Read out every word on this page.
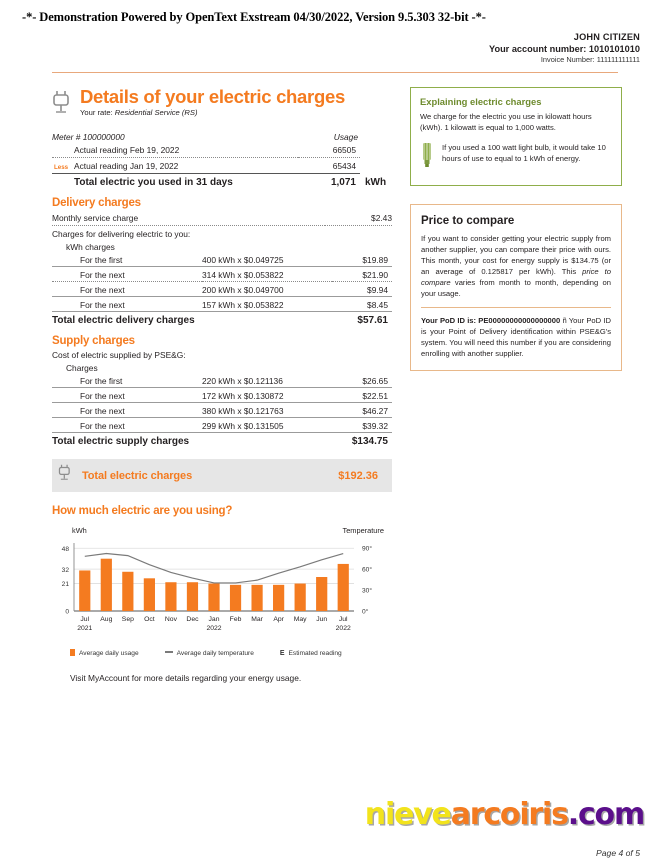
-*- Demonstration Powered by OpenText Exstream 04/30/2022, Version 9.5.303 32-bit -*-
JOHN CITIZEN
Your account number: 1010101010
Invoice Number: 111111111111
Details of your electric charges
Your rate: Residential Service (RS)
Meter # 100000000	Usage	
Actual reading Feb 19, 2022	66505	

Less Actual reading Jan 19, 2022	65434	
Total electric you used in 31 days	1,071	kWh
Delivery charges
Monthly service charge	$2.43
Charges for delivering electric to you:
kWh charges
For the first	400 kWh x $0.049725	$19.89
For the next	314 kWh x $0.053822	$21.90
For the next	200 kWh x $0.049700	$9.94
For the next	157 kWh x $0.053822	$8.45
Total electric delivery charges		$57.61
Supply charges
Cost of electric supplied by PSE&G:
Charges
For the first	220 kWh x $0.121136	$26.65
For the next	172 kWh x $0.130872	$22.51
For the next	380 kWh x $0.121763	$46.27
For the next	299 kWh x $0.131505	$39.32
Total electric supply charges		$134.75
Total electric charges	$192.36
How much electric are you using?
kWh	Temperature
48
32
21
0
90°
60°
30°
0°
Jul
2021
Aug Sep Oct Nov Dec Jan
2022
Feb Mar Apr May Jun Jul
2022
Average daily usage	Average daily temperature	E Estimated reading
Visit MyAccount for more details regarding your energy usage.
Explaining electric charges

We charge for the electric you use in kilowatt hours (kWh). 1 kilowatt is equal to 1,000 watts.

If you used a 100 watt light bulb, it would take 10 hours of use to equal to 1 kWh of energy.

Price to compare

If you want to consider getting your electric supply from another supplier, you can compare their price with ours. This month, your cost for energy supply is $134.75 (or an average of 0.125817 per kWh). This price to compare varies from month to month, depending on your usage.

Your PoD ID is: PE00000000000000000 ñ Your PoD ID is your Point of Delivery identification within PSE&G's system. You will need this number if you are considering enrolling with another supplier.

nievearcoiris.com
Page 4 of 5
